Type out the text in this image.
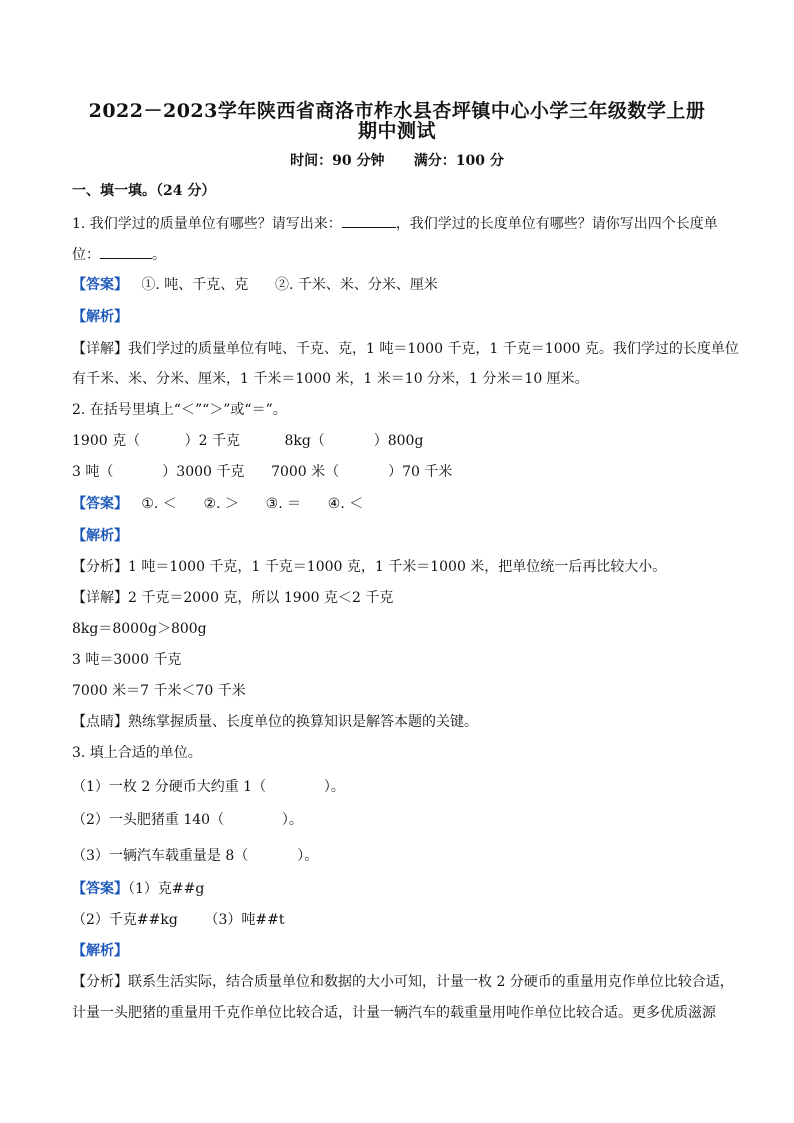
2022－2023学年陕西省商洛市柞水县杏坪镇中心小学三年级数学上册
期中测试
时间：90 分钟      满分：100 分
一、填一填。（24 分）
1. 我们学过的质量单位有哪些？请写出来：	，我们学过的长度单位有哪些？请你写出四个长度单
位：	。
【答案】   ①. 吨、千克、克      ②. 千米、米、分米、厘米
【解析】
【详解】我们学过的质量单位有吨、千克、克，1 吨＝1000 千克，1 千克＝1000 克。我们学过的长度单位
有千米、米、分米、厘米，1 千米＝1000 米，1 米＝10 分米，1 分米＝10 厘米。
2. 在括号里填上“＜”“＞”或“＝”。
1900 克（          ）2 千克          8kg（           ）800g
3 吨（           ）3000 千克      7000 米（           ）70 千米
【答案】   ①. ＜      ②. ＞      ③. ＝      ④. ＜
【解析】
【分析】1 吨＝1000 千克，1 千克＝1000 克，1 千米＝1000 米，把单位统一后再比较大小。
【详解】2 千克＝2000 克，所以 1900 克＜2 千克
8kg＝8000g＞800g
3 吨＝3000 千克
7000 米＝7 千米＜70 千米
【点睛】熟练掌握质量、长度单位的换算知识是解答本题的关键。
3. 填上合适的单位。
（1）一枚 2 分硬币大约重 1（             ）。
（2）一头肥猪重 140（             ）。
（3）一辆汽车载重量是 8（           ）。
【答案】（1）克##g
（2）千克##kg      （3）吨##t
【解析】
【分析】联系生活实际，结合质量单位和数据的大小可知，计量一枚 2 分硬币的重量用克作单位比较合适，
计量一头肥猪的重量用千克作单位比较合适，计量一辆汽车的载重量用吨作单位比较合适。更多优质滋源
